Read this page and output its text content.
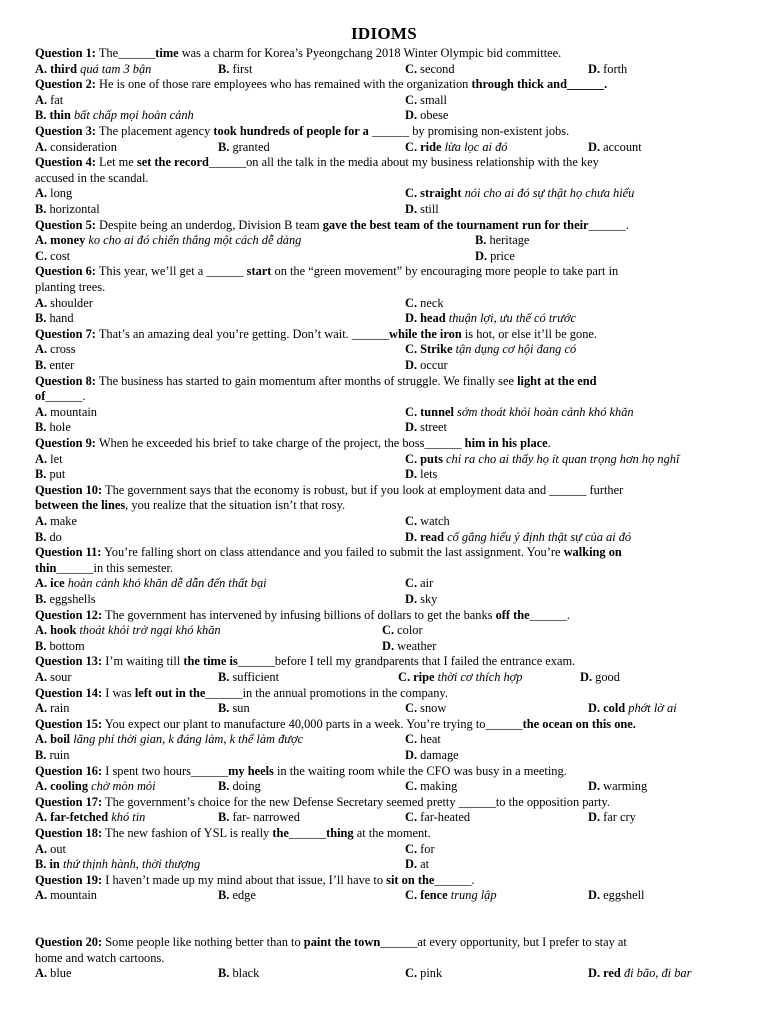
IDIOMS
Question 1: The______time was a charm for Korea’s Pyeongchang 2018 Winter Olympic bid committee.
A. third quá tam 3 bận	B. first	C. second	D. forth
Question 2: He is one of those rare employees who has remained with the organization through thick and______.
A. fat	C. small
B. thin bất chấp mọi hoàn cảnh	D. obese
Question 3: The placement agency took hundreds of people for a ______ by promising non-existent jobs.
A. consideration	B. granted	C. ride lừa lọc ai đó	D. account
Question 4: Let me set the record______on all the talk in the media about my business relationship with the key
accused in the scandal.
A. long	C. straight nói cho ai đó sự thật họ chưa hiểu
B. horizontal	D. still
Question 5: Despite being an underdog, Division B team gave the best team of the tournament run for their______.
A. money ko cho ai đó chiến thắng một cách dễ dàng	B. heritage
C. cost	D. price
Question 6: This year, we’ll get a ______ start on the “green movement” by encouraging more people to take part in
planting trees.
A. shoulder	C. neck
B. hand	D. head thuận lợi, ưu thế có trước
Question 7: That’s an amazing deal you’re getting. Don’t wait. ______while the iron is hot, or else it’ll be gone.
A. cross	C. Strike tận dụng cơ hội đang có
B. enter	D. occur
Question 8: The business has started to gain momentum after months of struggle. We finally see light at the end
of______.
A. mountain	C. tunnel sớm thoát khỏi hoàn cảnh khó khăn
B. hole	D. street
Question 9: When he exceeded his brief to take charge of the project, the boss______ him in his place.
A. let	C. puts chỉ ra cho ai thấy họ ít quan trọng hơn họ nghĩ
B. put	D. lets
Question 10: The government says that the economy is robust, but if you look at employment data and ______ further
between the lines, you realize that the situation isn’t that rosy.
A. make	C. watch
B. do	D. read cố gắng hiểu ý định thật sự của ai đó
Question 11: You’re falling short on class attendance and you failed to submit the last assignment. You’re walking on
thin______in this semester.
A. ice hoàn cảnh khó khăn dễ dẫn đến thất bại	C. air
B. eggshells	D. sky
Question 12: The government has intervened by infusing billions of dollars to get the banks off the______.
A. hook thoát khỏi trở ngại khó khăn	C. color
B. bottom	D. weather
Question 13: I’m waiting till the time is______before I tell my grandparents that I failed the entrance exam.
A. sour	B. sufficient	C. ripe thời cơ thích hợp	D. good
Question 14: I was left out in the______in the annual promotions in the company.
A. rain	B. sun	C. snow	D. cold phớt lờ ai
Question 15: You expect our plant to manufacture 40,000 parts in a week. You’re trying to______the ocean on this one.
A. boil lãng phí thời gian, k đáng làm, k thể làm được	C. heat
B. ruin	D. damage
Question 16: I spent two hours______my heels in the waiting room while the CFO was busy in a meeting.
A. cooling chờ mòn mỏi	B. doing	C. making	D. warming
Question 17: The government’s choice for the new Defense Secretary seemed pretty ______to the opposition party.
A. far-fetched khó tin	B. far- narrowed	C. far-heated	D. far cry
Question 18: The new fashion of YSL is really the______thing at the moment.
A. out	C. for
B. in thứ thịnh hành, thời thượng	D. at
Question 19: I haven’t made up my mind about that issue, I’ll have to sit on the______.
A. mountain	B. edge	C. fence trung lập	D. eggshell
Question 20: Some people like nothing better than to paint the town______at every opportunity, but I prefer to stay at
home and watch cartoons.
A. blue	B. black	C. pink	D. red đi bão, đi bar
